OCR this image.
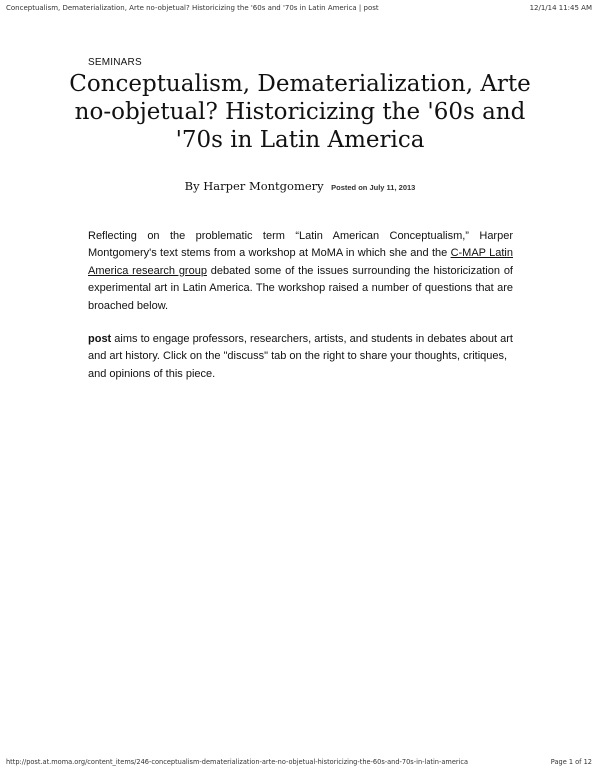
Conceptualism, Dematerialization, Arte no-objetual? Historicizing the '60s and '70s in Latin America | post	12/1/14 11:45 AM
SEMINARS
Conceptualism, Dematerialization, Arte no-objetual? Historicizing the '60s and '70s in Latin America
By Harper Montgomery Posted on July 11, 2013

Reflecting on the problematic term “Latin American Conceptualism,” Harper Montgomery's text stems from a workshop at MoMA in which she and the C-MAP Latin America research group debated some of the issues surrounding the historicization of experimental art in Latin America. The workshop raised a number of questions that are broached below.

post aims to engage professors, researchers, artists, and students in debates about art and art history. Click on the "discuss" tab on the right to share your thoughts, critiques, and opinions of this piece.

http://post.at.moma.org/content_items/246-conceptualism-dematerialization-arte-no-objetual-historicizing-the-60s-and-70s-in-latin-america	Page 1 of 12
